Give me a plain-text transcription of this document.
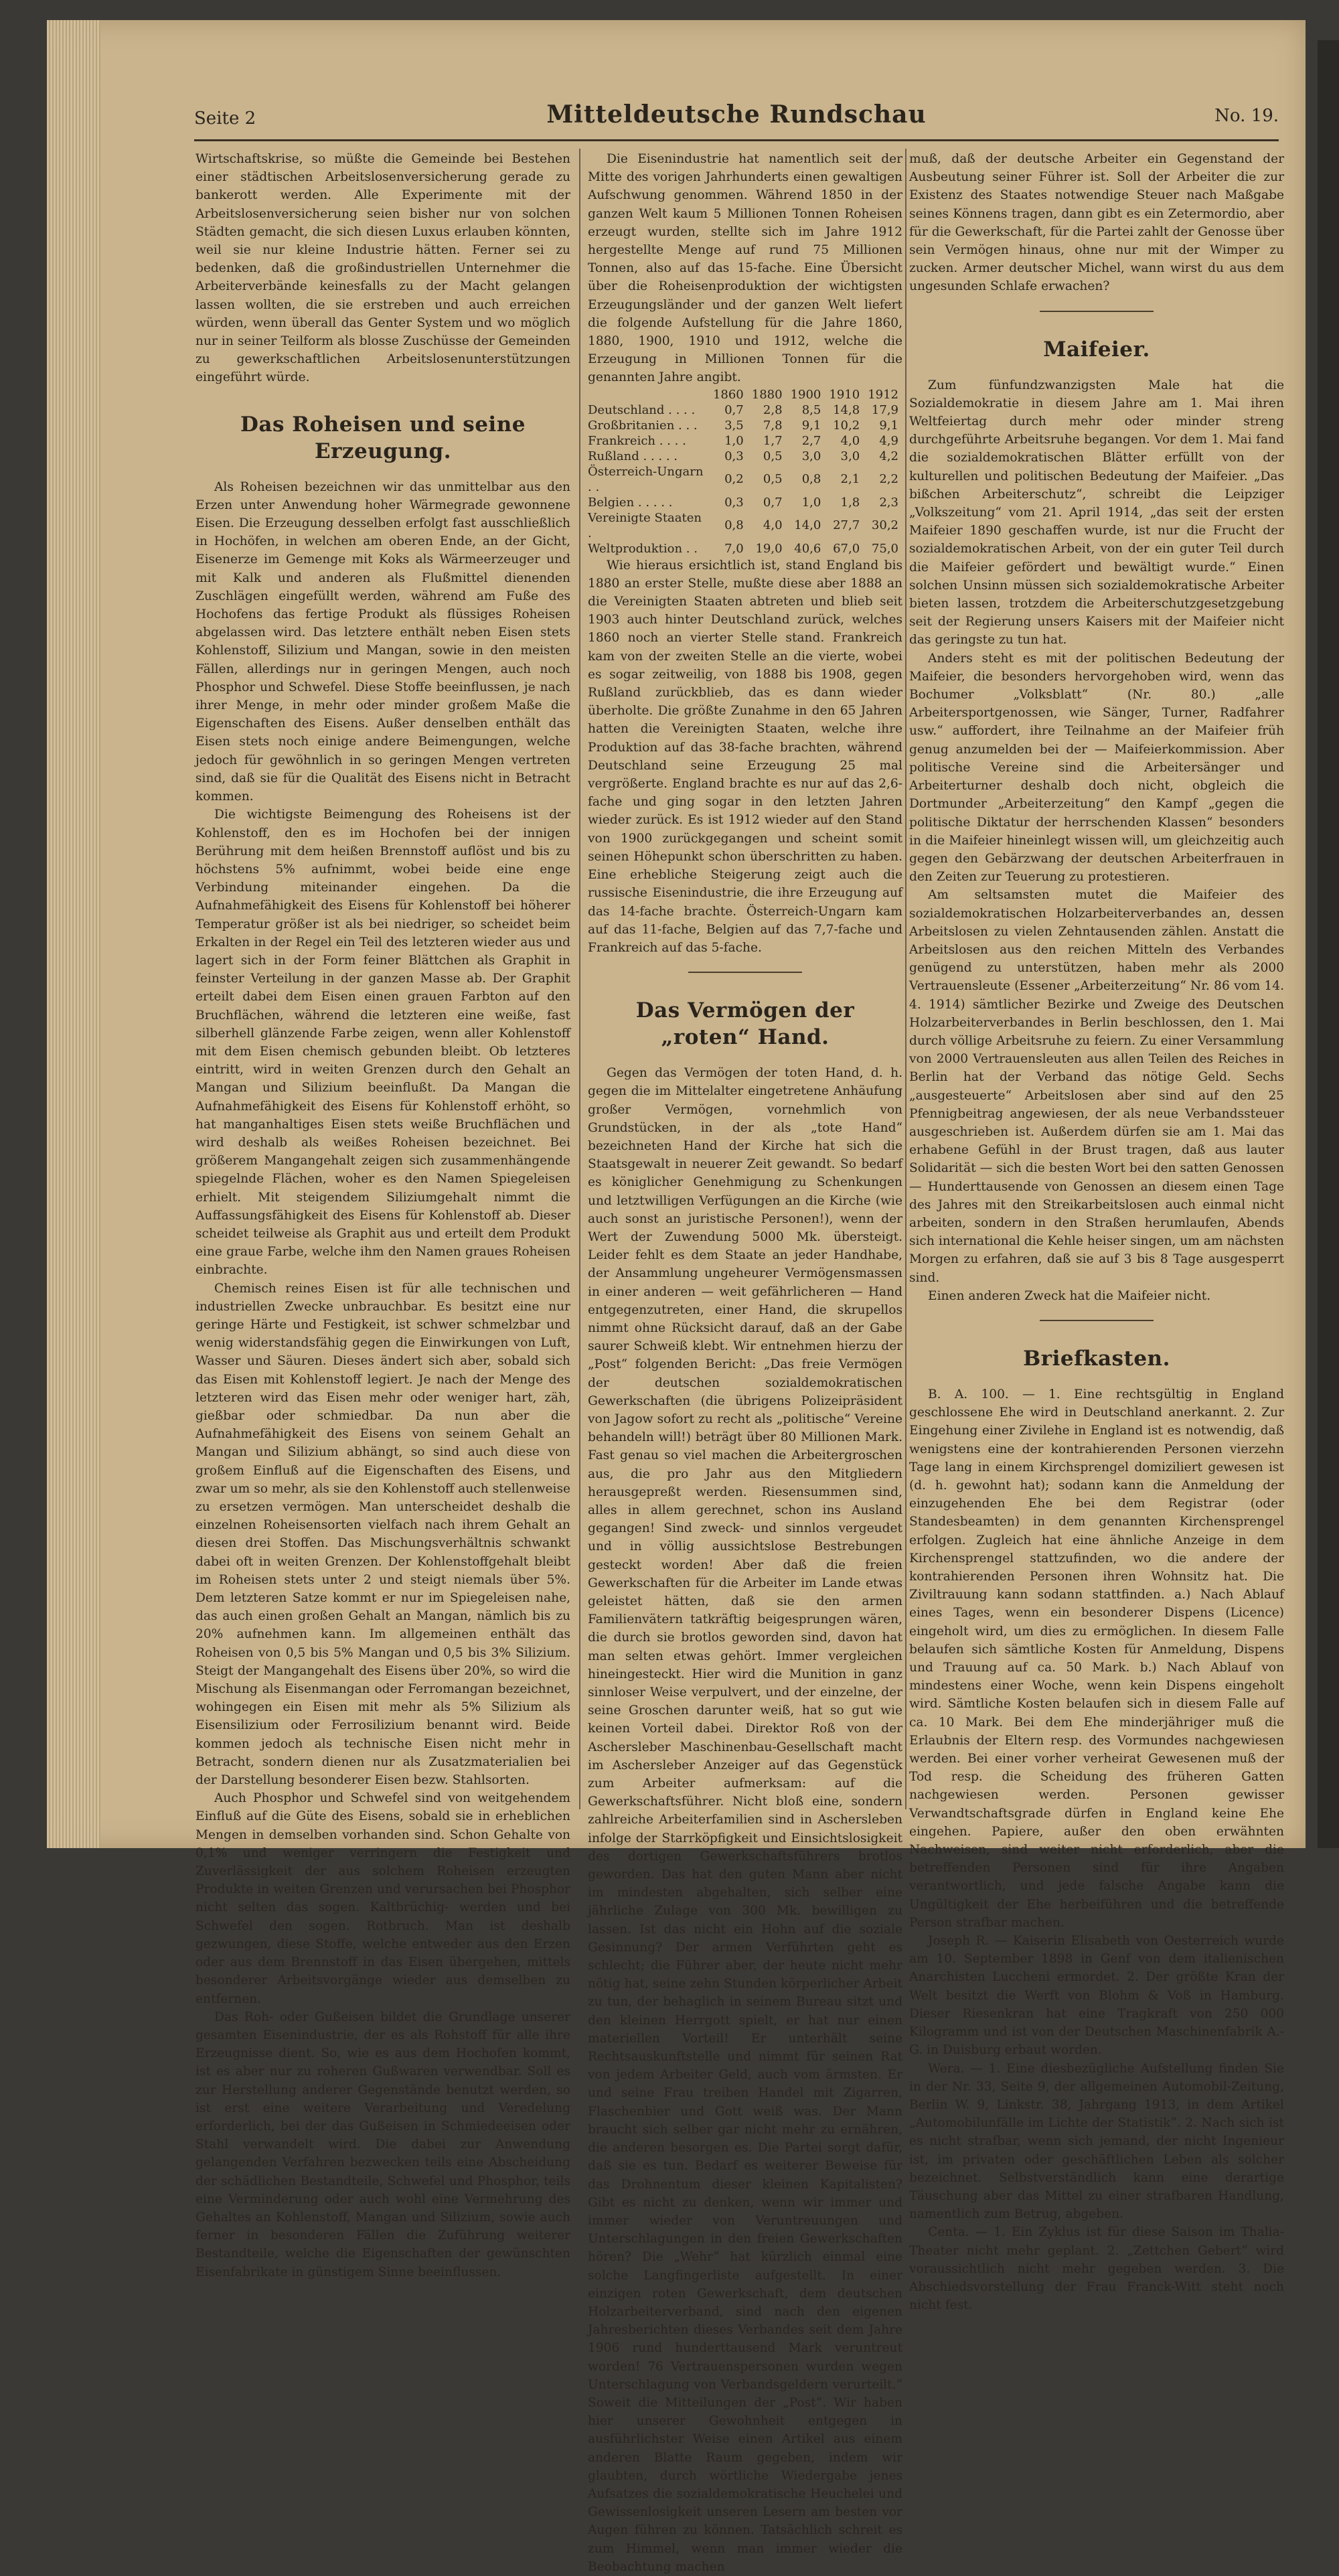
Seite 2	Mitteldeutsche Rundschau	No. 19.

Wirtschaftskrise, so müßte die Gemeinde bei Bestehen einer städtischen Arbeitslosenversicherung gerade zu bankerott werden. Alle Experimente mit der Arbeitslosenversicherung seien bisher nur von solchen Städten gemacht, die sich diesen Luxus erlauben könnten, weil sie nur kleine Industrie hätten. Ferner sei zu bedenken, daß die großindustriellen Unternehmer die Arbeiterverbände keinesfalls zu der Macht gelangen lassen wollten, die sie erstreben und auch erreichen würden, wenn überall das Genter System und wo möglich nur in seiner Teilform als blosse Zuschüsse der Gemeinden zu gewerkschaftlichen Arbeitslosenunterstützungen eingeführt würde.

Das Roheisen und seine Erzeugung.

Als Roheisen bezeichnen wir das unmittelbar aus den Erzen unter Anwendung hoher Wärmegrade gewonnene Eisen. Die Erzeugung desselben erfolgt fast ausschließlich in Hochöfen, in welchen am oberen Ende, an der Gicht, Eisenerze im Gemenge mit Koks als Wärmeerzeuger und mit Kalk und anderen als Flußmittel dienenden Zuschlägen eingefüllt werden, während am Fuße des Hochofens das fertige Produkt als flüssiges Roheisen abgelassen wird. Das letztere enthält neben Eisen stets Kohlenstoff, Silizium und Mangan, sowie in den meisten Fällen, allerdings nur in geringen Mengen, auch noch Phosphor und Schwefel. Diese Stoffe beeinflussen, je nach ihrer Menge, in mehr oder minder großem Maße die Eigenschaften des Eisens. Außer denselben enthält das Eisen stets noch einige andere Beimengungen, welche jedoch für gewöhnlich in so geringen Mengen vertreten sind, daß sie für die Qualität des Eisens nicht in Betracht kommen.

Die wichtigste Beimengung des Roheisens ist der Kohlenstoff, den es im Hochofen bei der innigen Berührung mit dem heißen Brennstoff auflöst und bis zu höchstens 5% aufnimmt, wobei beide eine enge Verbindung miteinander eingehen. Da die Aufnahmefähigkeit des Eisens für Kohlenstoff bei höherer Temperatur größer ist als bei niedriger, so scheidet beim Erkalten in der Regel ein Teil des letzteren wieder aus und lagert sich in der Form feiner Blättchen als Graphit in feinster Verteilung in der ganzen Masse ab. Der Graphit erteilt dabei dem Eisen einen grauen Farbton auf den Bruchflächen, während die letzteren eine weiße, fast silberhell glänzende Farbe zeigen, wenn aller Kohlenstoff mit dem Eisen chemisch gebunden bleibt. Ob letzteres eintritt, wird in weiten Grenzen durch den Gehalt an Mangan und Silizium beeinflußt. Da Mangan die Aufnahmefähigkeit des Eisens für Kohlenstoff erhöht, so hat manganhaltiges Eisen stets weiße Bruchflächen und wird deshalb als weißes Roheisen bezeichnet. Bei größerem Mangangehalt zeigen sich zusammenhängende spiegelnde Flächen, woher es den Namen Spiegeleisen erhielt. Mit steigendem Siliziumgehalt nimmt die Auffassungsfähigkeit des Eisens für Kohlenstoff ab. Dieser scheidet teilweise als Graphit aus und erteilt dem Produkt eine graue Farbe, welche ihm den Namen graues Roheisen einbrachte.

Chemisch reines Eisen ist für alle technischen und industriellen Zwecke unbrauchbar. Es besitzt eine nur geringe Härte und Festigkeit, ist schwer schmelzbar und wenig widerstandsfähig gegen die Einwirkungen von Luft, Wasser und Säuren. Dieses ändert sich aber, sobald sich das Eisen mit Kohlenstoff legiert. Je nach der Menge des letzteren wird das Eisen mehr oder weniger hart, zäh, gießbar oder schmiedbar. Da nun aber die Aufnahmefähigkeit des Eisens von seinem Gehalt an Mangan und Silizium abhängt, so sind auch diese von großem Einfluß auf die Eigenschaften des Eisens, und zwar um so mehr, als sie den Kohlenstoff auch stellenweise zu ersetzen vermögen. Man unterscheidet deshalb die einzelnen Roheisensorten vielfach nach ihrem Gehalt an diesen drei Stoffen. Das Mischungsverhältnis schwankt dabei oft in weiten Grenzen. Der Kohlenstoffgehalt bleibt im Roheisen stets unter 2 und steigt niemals über 5%. Dem letzteren Satze kommt er nur im Spiegeleisen nahe, das auch einen großen Gehalt an Mangan, nämlich bis zu 20% aufnehmen kann. Im allgemeinen enthält das Roheisen von 0,5 bis 5% Mangan und 0,5 bis 3% Silizium. Steigt der Mangangehalt des Eisens über 20%, so wird die Mischung als Eisenmangan oder Ferromangan bezeichnet, wohingegen ein Eisen mit mehr als 5% Silizium als Eisensilizium oder Ferrosilizium benannt wird. Beide kommen jedoch als technische Eisen nicht mehr in Betracht, sondern dienen nur als Zusatzmaterialien bei der Darstellung besonderer Eisen bezw. Stahlsorten.

Auch Phosphor und Schwefel sind von weitgehendem Einfluß auf die Güte des Eisens, sobald sie in erheblichen Mengen in demselben vorhanden sind. Schon Gehalte von 0,1% und weniger verringern die Festigkeit und Zuverlässigkeit der aus solchem Roheisen erzeugten Produkte in weiten Grenzen und verursachen bei Phosphor nicht selten das sogen. Kaltbrüchig- werden und bei Schwefel den sogen. Rotbruch. Man ist deshalb gezwungen, diese Stoffe, welche entweder aus den Erzen oder aus dem Brennstoff in das Eisen übergehen, mittels besonderer Arbeitsvorgänge wieder aus demselben zu entfernen.

Das Roh- oder Gußeisen bildet die Grundlage unserer gesamten Eisenindustrie, der es als Rohstoff für alle ihre Erzeugnisse dient. So, wie es aus dem Hochofen kommt, ist es aber nur zu roheren Gußwaren verwendbar. Soll es zur Herstellung anderer Gegenstände benutzt werden, so ist erst eine weitere Verarbeitung und Veredelung erforderlich, bei der das Gußeisen in Schmiedeeisen oder Stahl verwandelt wird. Die dabei zur Anwendung gelangenden Verfahren bezwecken teils eine Abscheidung der schädlichen Bestandteile, Schwefel und Phosphor, teils eine Verminderung oder auch wohl eine Vermehrung des Gehaltes an Kohlenstoff, Mangan und Silizium, sowie auch ferner in besonderen Fällen die Zuführung weiterer Bestandteile, welche die Eigenschaften der gewünschten Eisenfabrikate in günstigem Sinne beeinflussen.

Die Eisenindustrie hat namentlich seit der Mitte des vorigen Jahrhunderts einen gewaltigen Aufschwung genommen. Während 1850 in der ganzen Welt kaum 5 Millionen Tonnen Roheisen erzeugt wurden, stellte sich im Jahre 1912 hergestellte Menge auf rund 75 Millionen Tonnen, also auf das 15-fache. Eine Übersicht über die Roheisenproduktion der wichtigsten Erzeugungsländer und der ganzen Welt liefert die folgende Aufstellung für die Jahre 1860, 1880, 1900, 1910 und 1912, welche die Erzeugung in Millionen Tonnen für die genannten Jahre angibt.

	1860	1880	1900	1910	1912
Deutschland . . . .	0,7	2,8	8,5	14,8	17,9
Großbritanien . . .	3,5	7,8	9,1	10,2	9,1
Frankreich . . . .	1,0	1,7	2,7	4,0	4,9
Rußland . . . . .	0,3	0,5	3,0	3,0	4,2
Österreich-Ungarn . .	0,2	0,5	0,8	2,1	2,2
Belgien . . . . .	0,3	0,7	1,0	1,8	2,3
Vereinigte Staaten .	0,8	4,0	14,0	27,7	30,2
Weltproduktion . .	7,0	19,0	40,6	67,0	75,0

Wie hieraus ersichtlich ist, stand England bis 1880 an erster Stelle, mußte diese aber 1888 an die Vereinigten Staaten abtreten und blieb seit 1903 auch hinter Deutschland zurück, welches 1860 noch an vierter Stelle stand. Frankreich kam von der zweiten Stelle an die vierte, wobei es sogar zeitweilig, von 1888 bis 1908, gegen Rußland zurückblieb, das es dann wieder überholte. Die größte Zunahme in den 65 Jahren hatten die Vereinigten Staaten, welche ihre Produktion auf das 38-fache brachten, während Deutschland seine Erzeugung 25 mal vergrößerte. England brachte es nur auf das 2,6-fache und ging sogar in den letzten Jahren wieder zurück. Es ist 1912 wieder auf den Stand von 1900 zurückgegangen und scheint somit seinen Höhepunkt schon überschritten zu haben. Eine erhebliche Steigerung zeigt auch die russische Eisenindustrie, die ihre Erzeugung auf das 14-fache brachte. Österreich-Ungarn kam auf das 11-fache, Belgien auf das 7,7-fache und Frankreich auf das 5-fache.

Das Vermögen der „roten“ Hand.

Gegen das Vermögen der toten Hand, d. h. gegen die im Mittelalter eingetretene Anhäufung großer Vermögen, vornehmlich von Grundstücken, in der als „tote Hand“ bezeichneten Hand der Kirche hat sich die Staatsgewalt in neuerer Zeit gewandt. So bedarf es königlicher Genehmigung zu Schenkungen und letztwilligen Verfügungen an die Kirche (wie auch sonst an juristische Personen!), wenn der Wert der Zuwendung 5000 Mk. übersteigt. Leider fehlt es dem Staate an jeder Handhabe, der Ansammlung ungeheurer Vermögensmassen in einer anderen — weit gefährlicheren — Hand entgegenzutreten, einer Hand, die skrupellos nimmt ohne Rücksicht darauf, daß an der Gabe saurer Schweiß klebt. Wir entnehmen hierzu der „Post“ folgenden Bericht: „Das freie Vermögen der deutschen sozialdemokratischen Gewerkschaften (die übrigens Polizeipräsident von Jagow sofort zu recht als „politische“ Vereine behandeln will!) beträgt über 80 Millionen Mark. Fast genau so viel machen die Arbeitergroschen aus, die pro Jahr aus den Mitgliedern herausgepreßt werden. Riesensummen sind, alles in allem gerechnet, schon ins Ausland gegangen! Sind zweck- und sinnlos vergeudet und in völlig aussichtslose Bestrebungen gesteckt worden! Aber daß die freien Gewerkschaften für die Arbeiter im Lande etwas geleistet hätten, daß sie den armen Familienvätern tatkräftig beigesprungen wären, die durch sie brotlos geworden sind, davon hat man selten etwas gehört. Immer vergleichen hineingesteckt. Hier wird die Munition in ganz sinnloser Weise verpulvert, und der einzelne, der seine Groschen darunter weiß, hat so gut wie keinen Vorteil dabei. Direktor Roß von der Aschersleber Maschinenbau-Gesellschaft macht im Aschersleber Anzeiger auf das Gegenstück zum Arbeiter aufmerksam: auf die Gewerkschaftsführer. Nicht bloß eine, sondern zahlreiche Arbeiterfamilien sind in Aschersleben infolge der Starrköpfigkeit und Einsichtslosigkeit des dortigen Gewerkschaftsführers brotlos geworden. Das hat den guten Mann aber nicht im mindesten abgehalten, sich selber eine jährliche Zulage von 300 Mk. bewilligen zu lassen. Ist das nicht ein Hohn auf die soziale Gesinnung? Der armen Verführten geht es schlecht; die Führer aber, der heute nicht mehr nötig hat, seine zehn Stunden körperlicher Arbeit zu tun, der behaglich in seinem Bureau sitzt und den kleinen Herrgott spielt, er hat nur einen materiellen Vorteil! Er unterhält seine Rechtsauskunftstelle und nimmt für seinen Rat von jedem Arbeiter Geld, auch vom ärmsten. Er und seine Frau treiben Handel mit Zigarren, Flaschenbier und Gott weiß was. Der Mann braucht sich selber gar nicht mehr zu ernähren, die anderen besorgen es. Die Partei sorgt dafür, daß sie es tun. Bedarf es weiterer Beweise für das Drohnentum dieser kleinen Kapitalisten? Gibt es nicht zu denken, wenn wir immer und immer wieder von Veruntreuungen und Unterschlagungen in den freien Gewerkschaften hören? Die „Wehr“ hat kürzlich einmal eine solche Langfingerliste aufgestellt. In einer einzigen roten Gewerkschaft, dem deutschen Holzarbeiterverband, sind nach den eigenen Jahresberichten dieses Verbandes seit dem Jahre 1906 rund hunderttausend Mark veruntreut worden! 76 Vertrauenspersonen wurden wegen Unterschlagung von Verbandsgeldern verurteilt.“ Soweit die Mitteilungen der „Post“. Wir haben hier unserer Gewohnheit entgegen in ausführlichster Weise einen Artikel aus einem anderen Blatte Raum gegeben, indem wir glaubten, durch wörtliche Wiedergabe jenes Aufsatzes die sozialdemokratische Heuchelei und Gewissenlosigkeit unseren Lesern am besten vor Augen führen zu können. Tatsächlich schreit es zum Himmel, wenn man immer wieder die Beobachtung machen

muß, daß der deutsche Arbeiter ein Gegenstand der Ausbeutung seiner Führer ist. Soll der Arbeiter die zur Existenz des Staates notwendige Steuer nach Maßgabe seines Könnens tragen, dann gibt es ein Zetermordio, aber für die Gewerkschaft, für die Partei zahlt der Genosse über sein Vermögen hinaus, ohne nur mit der Wimper zu zucken. Armer deutscher Michel, wann wirst du aus dem ungesunden Schlafe erwachen?

Maifeier.

Zum fünfundzwanzigsten Male hat die Sozialdemokratie in diesem Jahre am 1. Mai ihren Weltfeiertag durch mehr oder minder streng durchgeführte Arbeitsruhe begangen. Vor dem 1. Mai fand die sozialdemokratischen Blätter erfüllt von der kulturellen und politischen Bedeutung der Maifeier. „Das bißchen Arbeiterschutz“, schreibt die Leipziger „Volkszeitung“ vom 21. April 1914, „das seit der ersten Maifeier 1890 geschaffen wurde, ist nur die Frucht der sozialdemokratischen Arbeit, von der ein guter Teil durch die Maifeier gefördert und bewältigt wurde.“ Einen solchen Unsinn müssen sich sozialdemokratische Arbeiter bieten lassen, trotzdem die Arbeiterschutzgesetzgebung seit der Regierung unsers Kaisers mit der Maifeier nicht das geringste zu tun hat.

Anders steht es mit der politischen Bedeutung der Maifeier, die besonders hervorgehoben wird, wenn das Bochumer „Volksblatt“ (Nr. 80.) „alle Arbeitersportgenossen, wie Sänger, Turner, Radfahrer usw.“ auffordert, ihre Teilnahme an der Maifeier früh genug anzumelden bei der — Maifeierkommission. Aber politische Vereine sind die Arbeitersänger und Arbeiterturner deshalb doch nicht, obgleich die Dortmunder „Arbeiterzeitung“ den Kampf „gegen die politische Diktatur der herrschenden Klassen“ besonders in die Maifeier hineinlegt wissen will, um gleichzeitig auch gegen den Gebärzwang der deutschen Arbeiterfrauen in den Zeiten zur Teuerung zu protestieren.

Am seltsamsten mutet die Maifeier des sozialdemokratischen Holzarbeiterverbandes an, dessen Arbeitslosen zu vielen Zehntausenden zählen. Anstatt die Arbeitslosen aus den reichen Mitteln des Verbandes genügend zu unterstützen, haben mehr als 2000 Vertrauensleute (Essener „Arbeiterzeitung“ Nr. 86 vom 14. 4. 1914) sämtlicher Bezirke und Zweige des Deutschen Holzarbeiterverbandes in Berlin beschlossen, den 1. Mai durch völlige Arbeitsruhe zu feiern. Zu einer Versammlung von 2000 Vertrauensleuten aus allen Teilen des Reiches in Berlin hat der Verband das nötige Geld. Sechs „ausgesteuerte“ Arbeitslosen aber sind auf den 25 Pfennigbeitrag angewiesen, der als neue Verbandssteuer ausgeschrieben ist. Außerdem dürfen sie am 1. Mai das erhabene Gefühl in der Brust tragen, daß aus lauter Solidarität — sich die besten Wort bei den satten Genossen — Hunderttausende von Genossen an diesem einen Tage des Jahres mit den Streikarbeitslosen auch einmal nicht arbeiten, sondern in den Straßen herumlaufen, Abends sich international die Kehle heiser singen, um am nächsten Morgen zu erfahren, daß sie auf 3 bis 8 Tage ausgesperrt sind.

Einen anderen Zweck hat die Maifeier nicht.

Briefkasten.

B. A. 100. — 1. Eine rechtsgültig in England geschlossene Ehe wird in Deutschland anerkannt. 2. Zur Eingehung einer Zivilehe in England ist es notwendig, daß wenigstens eine der kontrahierenden Personen vierzehn Tage lang in einem Kirchsprengel domiziliert gewesen ist (d. h. gewohnt hat); sodann kann die Anmeldung der einzugehenden Ehe bei dem Registrar (oder Standesbeamten) in dem genannten Kirchensprengel erfolgen. Zugleich hat eine ähnliche Anzeige in dem Kirchensprengel stattzufinden, wo die andere der kontrahierenden Personen ihren Wohnsitz hat. Die Ziviltrauung kann sodann stattfinden. a.) Nach Ablauf eines Tages, wenn ein besonderer Dispens (Licence) eingeholt wird, um dies zu ermöglichen. In diesem Falle belaufen sich sämtliche Kosten für Anmeldung, Dispens und Trauung auf ca. 50 Mark. b.) Nach Ablauf von mindestens einer Woche, wenn kein Dispens eingeholt wird. Sämtliche Kosten belaufen sich in diesem Falle auf ca. 10 Mark. Bei dem Ehe minderjähriger muß die Erlaubnis der Eltern resp. des Vormundes nachgewiesen werden. Bei einer vorher verheirat Gewesenen muß der Tod resp. die Scheidung des früheren Gatten nachgewiesen werden. Personen gewisser Verwandtschaftsgrade dürfen in England keine Ehe eingehen. Papiere, außer den oben erwähnten Nachweisen, sind weiter nicht erforderlich, aber die betreffenden Personen sind für ihre Angaben verantwortlich, und jede falsche Angabe kann die Ungültigkeit der Ehe herbeiführen und die betreffende Person strafbar machen.

Joseph R. — Kaiserin Elisabeth von Oesterreich wurde am 10. September 1898 in Genf von dem italienischen Anarchisten Luccheni ermordet. 2. Der größte Kran der Welt besitzt die Werft von Blohm & Voß in Hamburg. Dieser Riesenkran hat eine Tragkraft von 250 000 Kilogramm und ist von der Deutschen Maschinenfabrik A.-G. in Duisburg erbaut worden.

Wera. — 1. Eine diesbezügliche Aufstellung finden Sie in der Nr. 33, Seite 9, der allgemeinen Automobil-Zeitung, Berlin W. 9, Linkstr. 38, Jahrgang 1913, in dem Artikel „Automobilunfälle im Lichte der Statistik“. 2. Nach sich ist es nicht strafbar, wenn sich jemand, der nicht Ingenieur ist, im privaten oder geschäftlichen Leben als solcher bezeichnet. Selbstverständlich kann eine derartige Täuschung aber das Mittel zu einer strafbaren Handlung, namentlich zum Betrug, abgeben.

Centa. — 1. Ein Zyklus ist für diese Saison im Thalia-Theater nicht mehr geplant. 2. „Zettchen Gebert“ wird voraussichtlich nicht mehr gegeben werden. 3. Die Abschiedsvorstellung der Frau Franck-Witt steht noch nicht fest.
